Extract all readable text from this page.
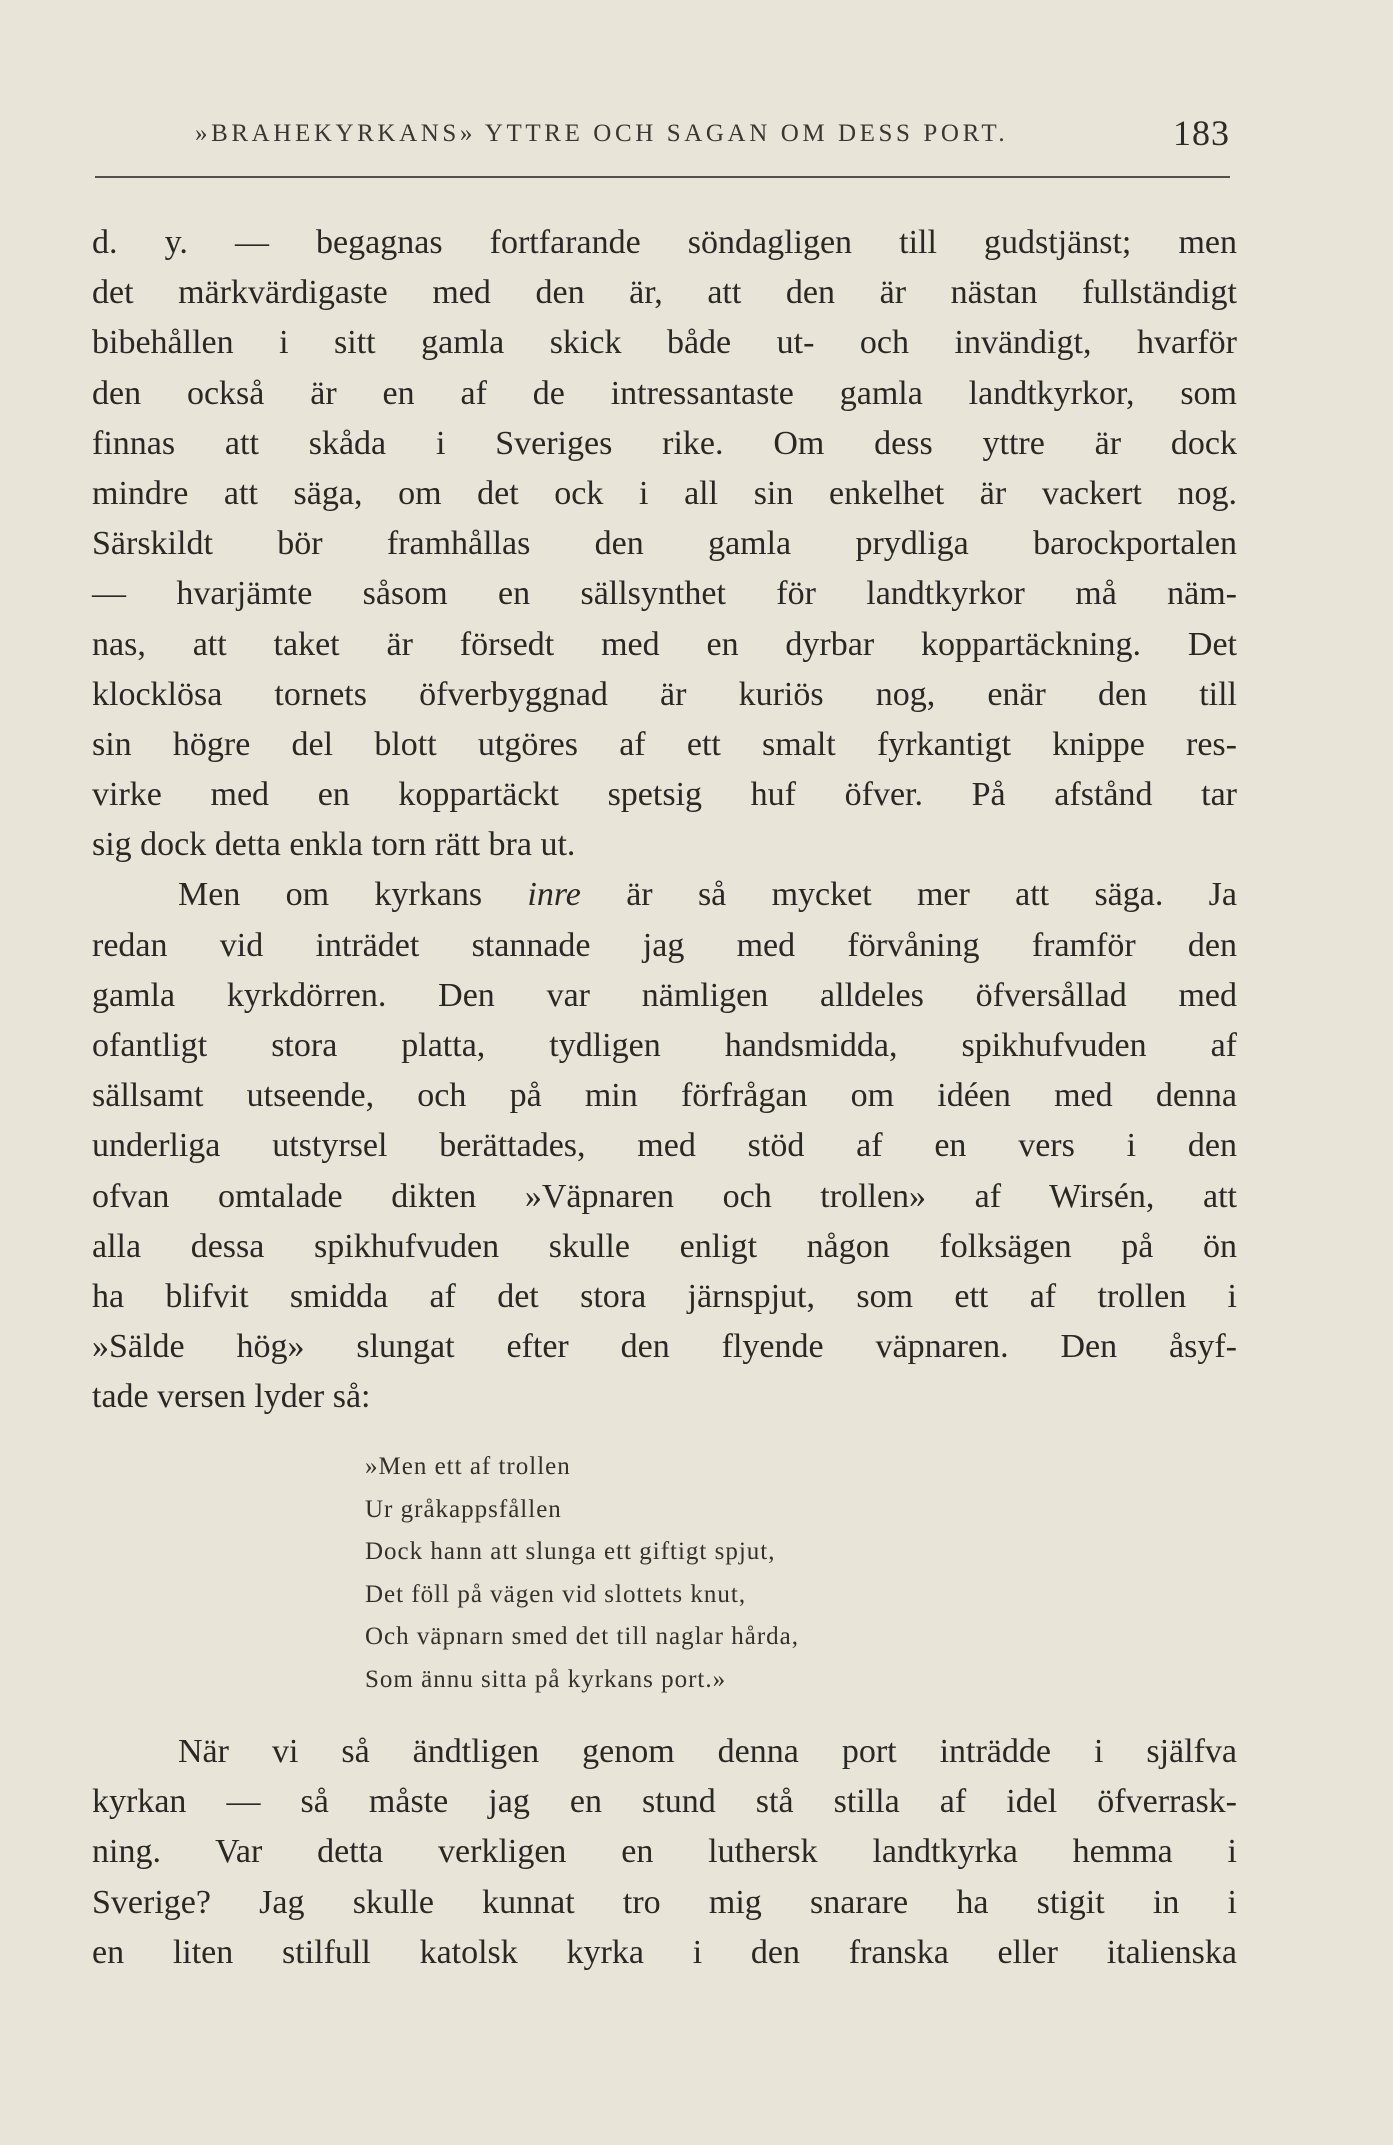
»BRAHEKYRKANS» YTTRE OCH SAGAN OM DESS PORT.	183
d. y. — begagnas fortfarande söndagligen till gudstjänst; men
det märkvärdigaste med den är, att den är nästan fullständigt
bibehållen i sitt gamla skick både ut- och invändigt, hvarför
den också är en af de intressantaste gamla landtkyrkor, som
finnas att skåda i Sveriges rike. Om dess yttre är dock
mindre att säga, om det ock i all sin enkelhet är vackert nog.
Särskildt bör framhållas den gamla prydliga barockportalen
— hvarjämte såsom en sällsynthet för landtkyrkor må näm-
nas, att taket är försedt med en dyrbar koppartäckning. Det
klocklösa tornets öfverbyggnad är kuriös nog, enär den till
sin högre del blott utgöres af ett smalt fyrkantigt knippe res-
virke med en koppartäckt spetsig huf öfver. På afstånd tar
sig dock detta enkla torn rätt bra ut.
Men om kyrkans inre är så mycket mer att säga. Ja
redan vid inträdet stannade jag med förvåning framför den
gamla kyrkdörren. Den var nämligen alldeles öfversållad med
ofantligt stora platta, tydligen handsmidda, spikhufvuden af
sällsamt utseende, och på min förfrågan om idéen med denna
underliga utstyrsel berättades, med stöd af en vers i den
ofvan omtalade dikten »Väpnaren och trollen» af Wirsén, att
alla dessa spikhufvuden skulle enligt någon folksägen på ön
ha blifvit smidda af det stora järnspjut, som ett af trollen i
»Sälde hög» slungat efter den flyende väpnaren. Den åsyf-
tade versen lyder så:
»Men ett af trollen
Ur gråkappsfållen
Dock hann att slunga ett giftigt spjut,
Det föll på vägen vid slottets knut,
Och väpnarn smed det till naglar hårda,
Som ännu sitta på kyrkans port.»
När vi så ändtligen genom denna port inträdde i själfva
kyrkan — så måste jag en stund stå stilla af idel öfverrask-
ning. Var detta verkligen en luthersk landtkyrka hemma i
Sverige? Jag skulle kunnat tro mig snarare ha stigit in i
en liten stilfull katolsk kyrka i den franska eller italienska
